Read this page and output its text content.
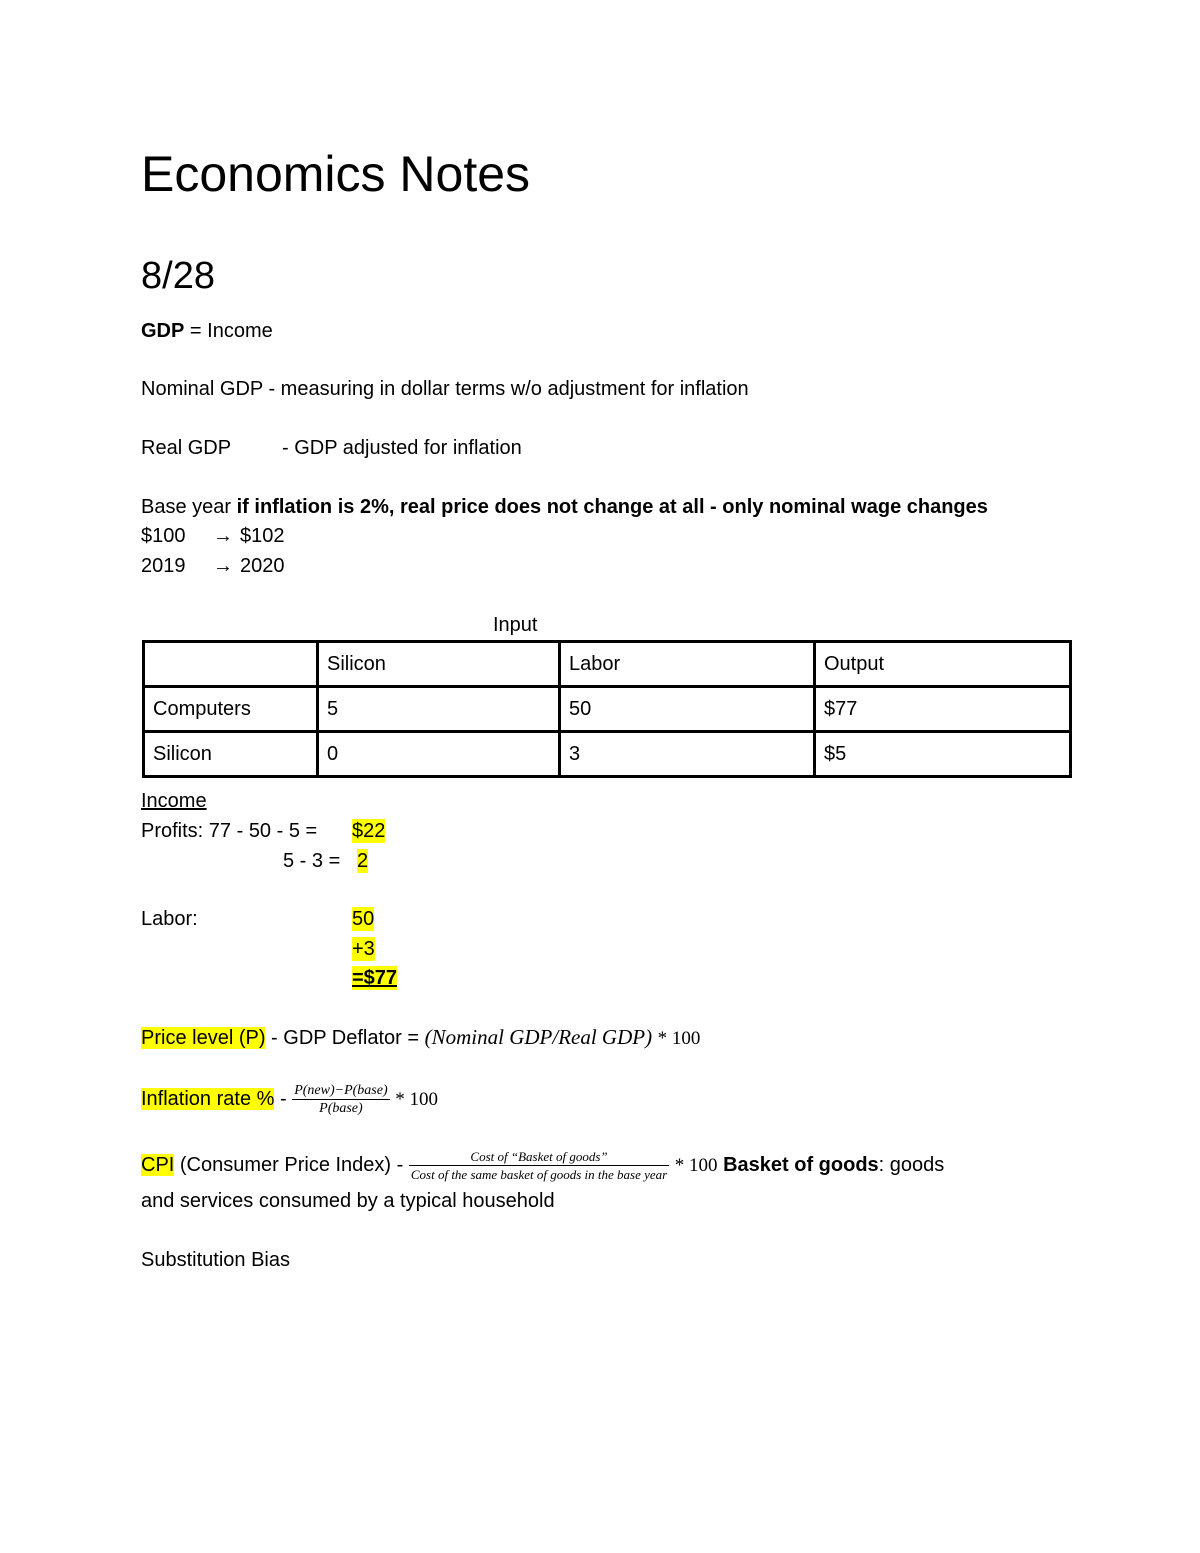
Economics Notes
8/28
GDP = Income
Nominal GDP - measuring in dollar terms w/o adjustment for inflation
Real GDP	- GDP adjusted for inflation
Base year if inflation is 2%, real price does not change at all - only nominal wage changes
$100 → $102
2019 → 2020
Input
	Silicon	Labor	Output
Computers	5	50	$77
Silicon	0	3	$5
Income
Profits: 77 - 50 - 5 = $22
5 - 3 = 2
Labor:	50
+3
=$77
Price level (P) - GDP Deflator = (Nominal GDP/Real GDP) * 100
Inflation rate % - $\frac{\text{P(new)−P(base)}}{\text{P(base)}} * 100$
CPI (Consumer Price Index) - $\frac{\text{Cost of “Basket of goods”}}{\text{Cost of the same basket of goods in the base year}} * 100$ Basket of goods: goods
and services consumed by a typical household
Substitution Bias
